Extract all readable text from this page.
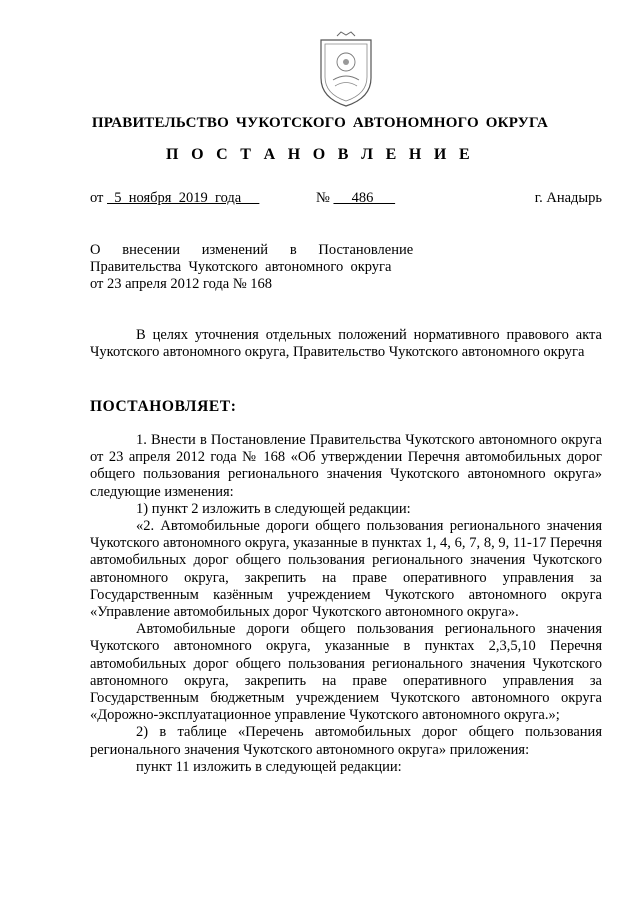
ПРАВИТЕЛЬСТВО ЧУКОТСКОГО АВТОНОМНОГО ОКРУГА
П О С Т А Н О В Л Е Н И Е
от   5  ноября  2019  года	№      486	г. Анадырь
О      внесении      изменений      в      Постановление
Правительства  Чукотского  автономного  округа
от 23 апреля 2012 года № 168

В целях уточнения отдельных положений нормативного правового акта Чукотского автономного округа, Правительство Чукотского автономного округа

ПОСТАНОВЛЯЕТ:

1. Внести в Постановление Правительства Чукотского автономного округа от 23 апреля 2012 года № 168 «Об утверждении Перечня автомобильных дорог общего пользования регионального значения Чукотского автономного округа» следующие изменения:

1) пункт 2 изложить в следующей редакции:

«2. Автомобильные дороги общего пользования регионального значения Чукотского автономного округа, указанные в пунктах 1, 4, 6, 7, 8, 9, 11-17 Перечня автомобильных дорог общего пользования регионального значения Чукотского автономного округа, закрепить на праве оперативного управления за Государственным казённым учреждением Чукотского автономного округа «Управление автомобильных дорог Чукотского автономного округа».

Автомобильные дороги общего пользования регионального значения Чукотского автономного округа, указанные в пунктах 2,3,5,10 Перечня автомобильных дорог общего пользования регионального значения Чукотского автономного округа, закрепить на праве оперативного управления за Государственным бюджетным учреждением Чукотского автономного округа «Дорожно-эксплуатационное управление Чукотского автономного округа.»;

2) в таблице «Перечень автомобильных дорог общего пользования регионального значения Чукотского автономного округа» приложения:

пункт 11 изложить в следующей редакции:
